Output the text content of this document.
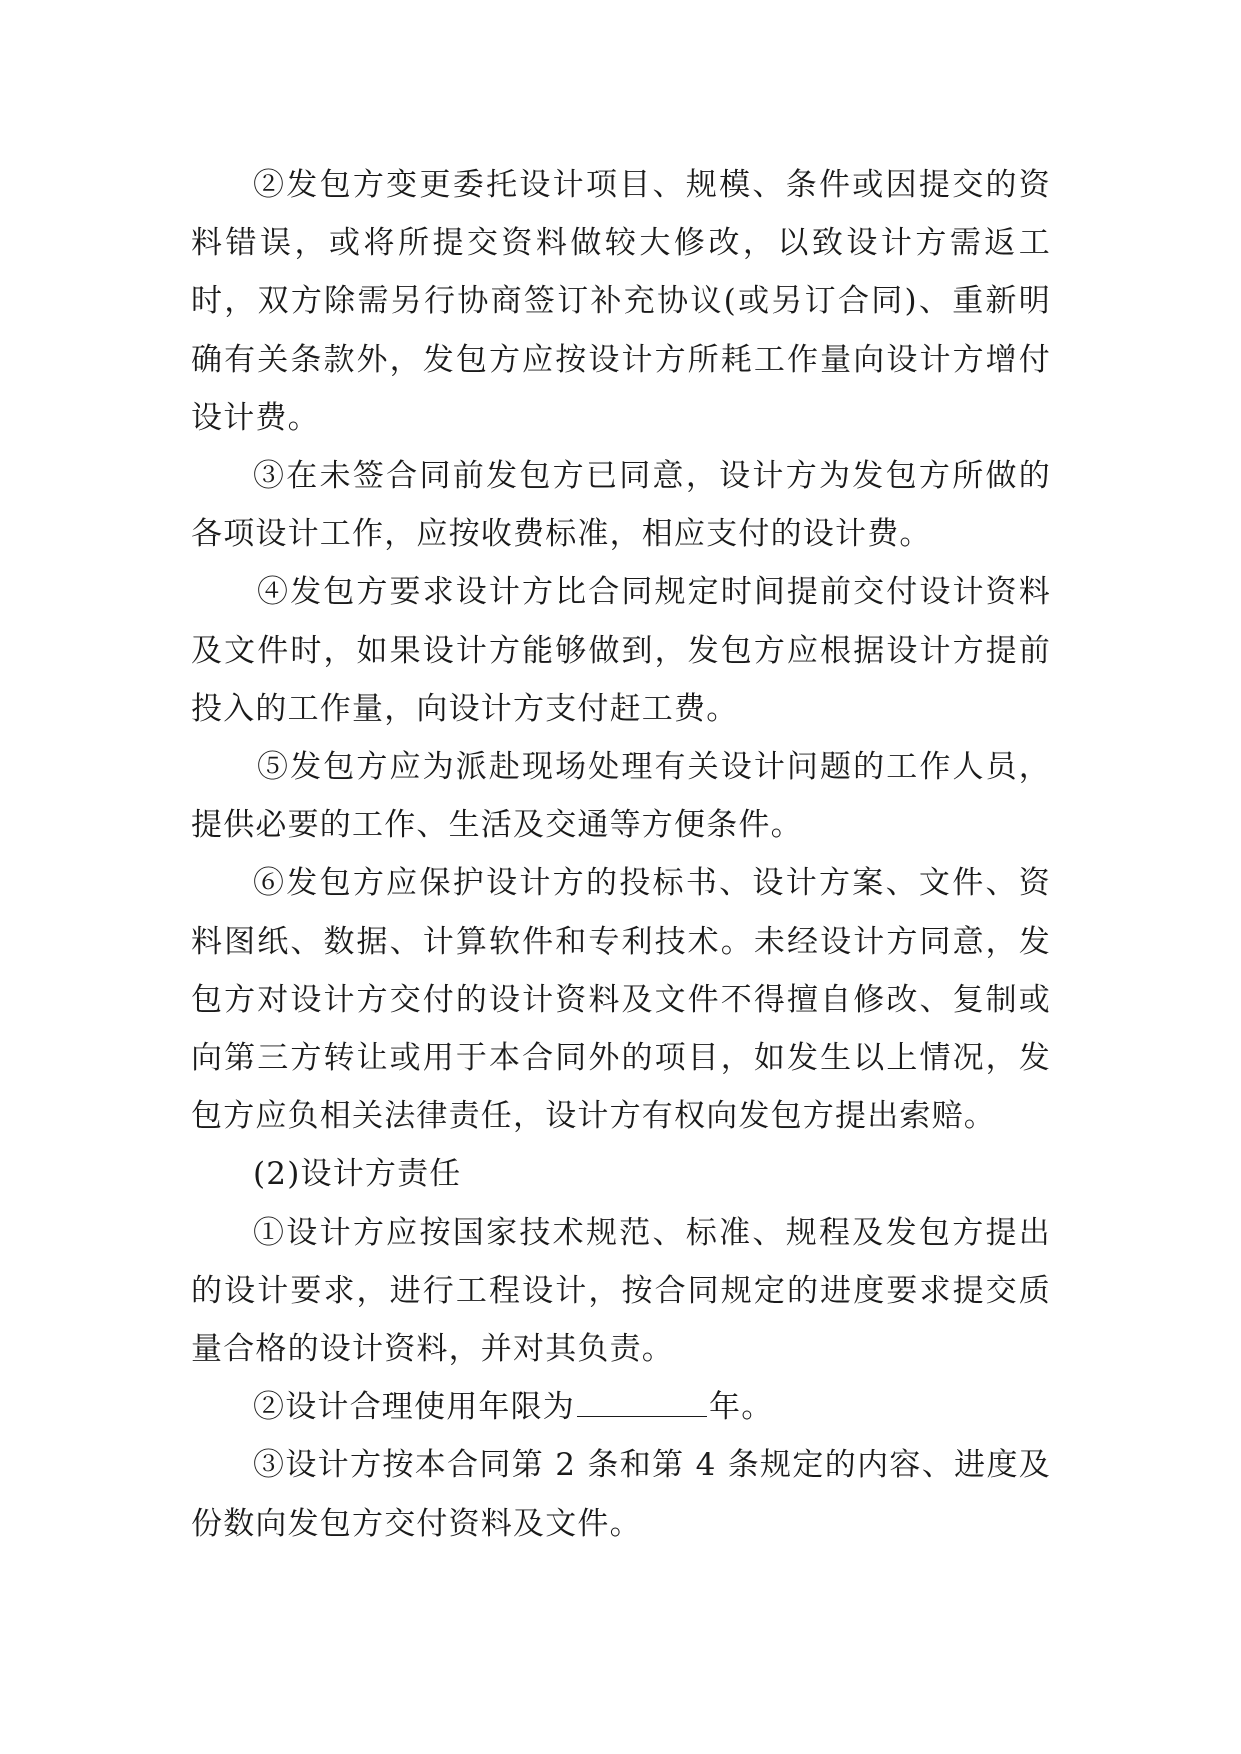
②发包方变更委托设计项目、规模、条件或因提交的资料错误，或将所提交资料做较大修改，以致设计方需返工时，双方除需另行协商签订补充协议(或另订合同)、重新明确有关条款外，发包方应按设计方所耗工作量向设计方增付设计费。

③在未签合同前发包方已同意，设计方为发包方所做的各项设计工作，应按收费标准，相应支付的设计费。

④发包方要求设计方比合同规定时间提前交付设计资料及文件时，如果设计方能够做到，发包方应根据设计方提前投入的工作量，向设计方支付赶工费。

⑤发包方应为派赴现场处理有关设计问题的工作人员，提供必要的工作、生活及交通等方便条件。

⑥发包方应保护设计方的投标书、设计方案、文件、资料图纸、数据、计算软件和专利技术。未经设计方同意，发包方对设计方交付的设计资料及文件不得擅自修改、复制或向第三方转让或用于本合同外的项目，如发生以上情况，发包方应负相关法律责任，设计方有权向发包方提出索赔。

(2)设计方责任

①设计方应按国家技术规范、标准、规程及发包方提出的设计要求，进行工程设计，按合同规定的进度要求提交质量合格的设计资料，并对其负责。

②设计合理使用年限为	年。

③设计方按本合同第 2 条和第 4 条规定的内容、进度及份数向发包方交付资料及文件。
